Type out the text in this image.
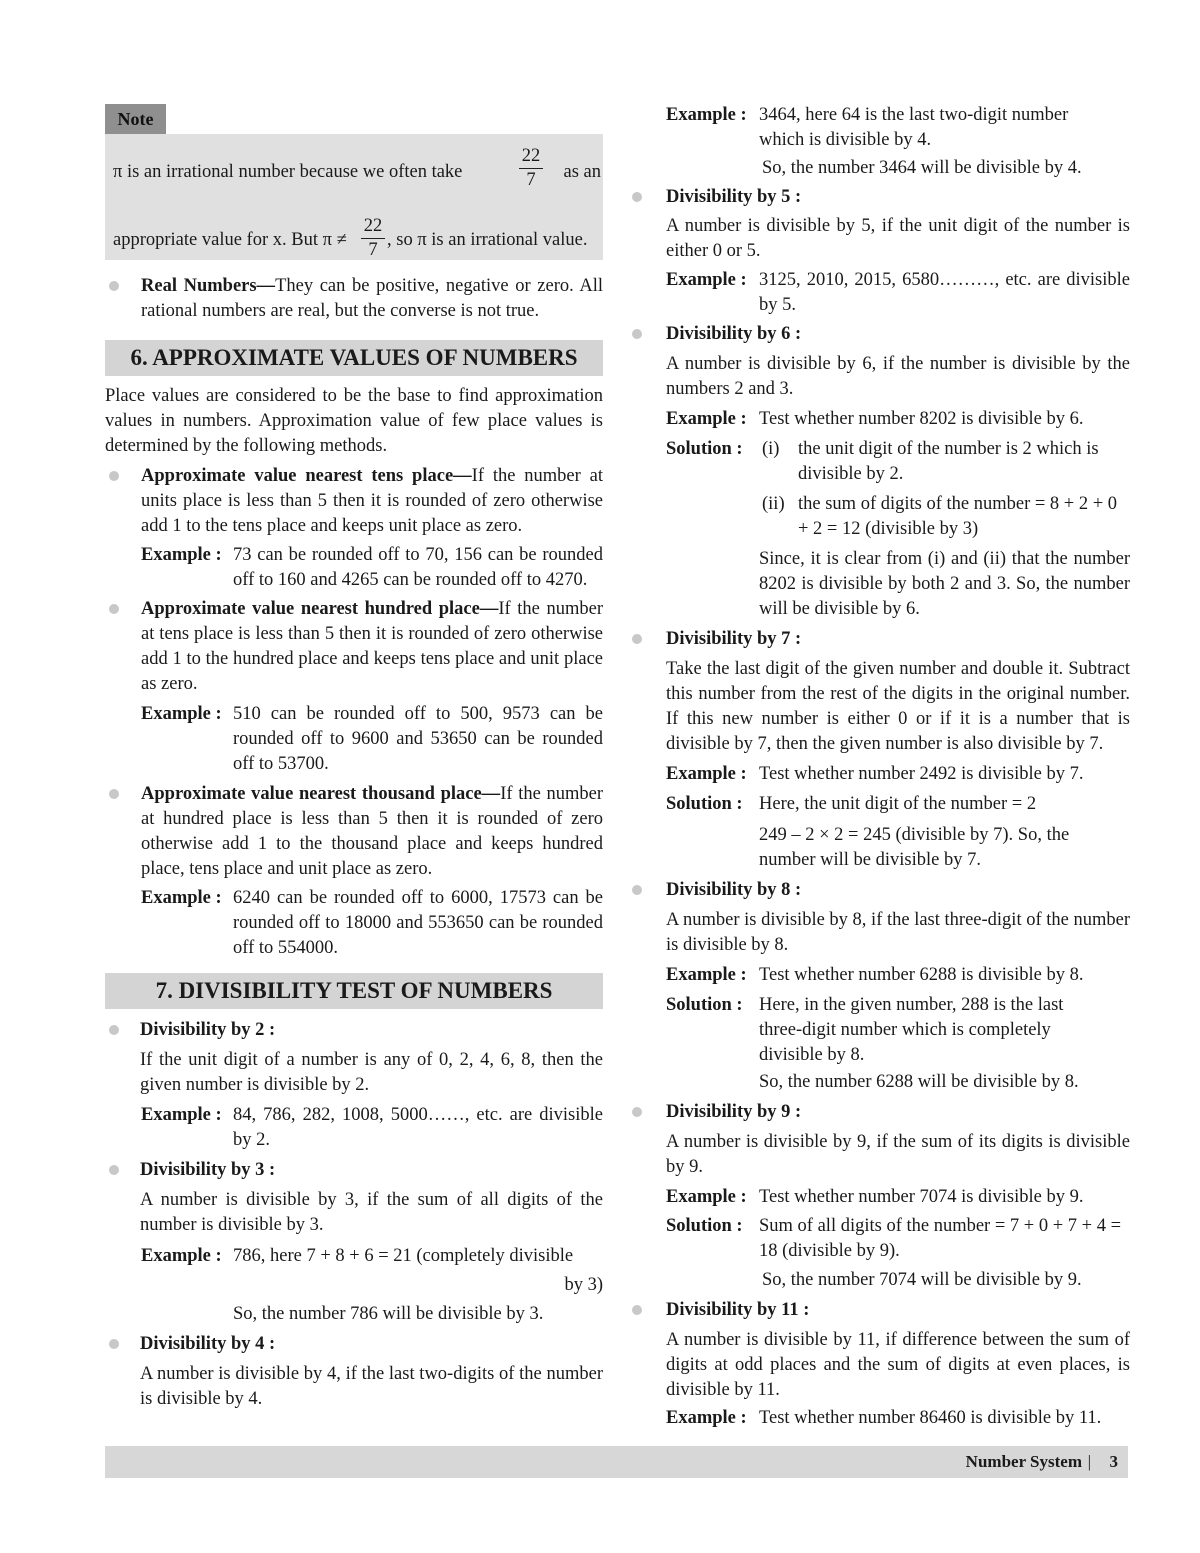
Note
π is an irrational number because we often take
22
7	as an
appropriate value for x. But π ≠
22
7 , so π is an irrational value.
Real Numbers—They can be positive, negative or zero. All rational numbers are real, but the converse is not true.
6. APPROXIMATE VALUES OF NUMBERS
Place values are considered to be the base to find approximation values in numbers. Approximation value of few place values is determined by the following methods.
Approximate value nearest tens place—If the number at units place is less than 5 then it is rounded of zero otherwise add 1 to the tens place and keeps unit place as zero.
Example : 73 can be rounded off to 70, 156 can be rounded off to 160 and 4265 can be rounded off to 4270.
Approximate value nearest hundred place—If the number at tens place is less than 5 then it is rounded of zero otherwise add 1 to the hundred place and keeps tens place and unit place as zero.
Example : 510 can be rounded off to 500, 9573 can be rounded off to 9600 and 53650 can be rounded off to 53700.
Approximate value nearest thousand place—If the number at hundred place is less than 5 then it is rounded of zero otherwise add 1 to the thousand place and keeps hundred place, tens place and unit place as zero.
Example : 6240 can be rounded off to 6000, 17573 can be rounded off to 18000 and 553650 can be rounded off to 554000.
7. DIVISIBILITY TEST OF NUMBERS
Divisibility by 2 :
If the unit digit of a number is any of 0, 2, 4, 6, 8, then the given number is divisible by 2.
Example : 84, 786, 282, 1008, 5000……, etc. are divisible by 2.
Divisibility by 3 :
A number is divisible by 3, if the sum of all digits of the number is divisible by 3.
Example : 786, here 7 + 8 + 6 = 21 (completely divisible
by 3)
So, the number 786 will be divisible by 3.
Divisibility by 4 :
A number is divisible by 4, if the last two-digits of the number is divisible by 4.
Example : 3464, here 64 is the last two-digit number which is divisible by 4.
So, the number 3464 will be divisible by 4.
Divisibility by 5 :
A number is divisible by 5, if the unit digit of the number is either 0 or 5.
Example : 3125, 2010, 2015, 6580………, etc. are divisible by 5.
Divisibility by 6 :
A number is divisible by 6, if the number is divisible by the numbers 2 and 3.
Example : Test whether number 8202 is divisible by 6.
Solution : (i) the unit digit of the number is 2 which is divisible by 2.
(ii) the sum of digits of the number = 8 + 2 + 0 + 2 = 12 (divisible by 3)
Since, it is clear from (i) and (ii) that the number 8202 is divisible by both 2 and 3. So, the number will be divisible by 6.
Divisibility by 7 :
Take the last digit of the given number and double it. Subtract this number from the rest of the digits in the original number. If this new number is either 0 or if it is a number that is divisible by 7, then the given number is also divisible by 7.
Example : Test whether number 2492 is divisible by 7.
Solution : Here, the unit digit of the number = 2
249 – 2 × 2 = 245 (divisible by 7). So, the number will be divisible by 7.
Divisibility by 8 :
A number is divisible by 8, if the last three-digit of the number is divisible by 8.
Example : Test whether number 6288 is divisible by 8.
Solution : Here, in the given number, 288 is the last three-digit number which is completely divisible by 8.
So, the number 6288 will be divisible by 8.
Divisibility by 9 :
A number is divisible by 9, if the sum of its digits is divisible by 9.
Example : Test whether number 7074 is divisible by 9.
Solution : Sum of all digits of the number = 7 + 0 + 7 + 4 = 18 (divisible by 9).
So, the number 7074 will be divisible by 9.
Divisibility by 11 :
A number is divisible by 11, if difference between the sum of digits at odd places and the sum of digits at even places, is divisible by 11.
Example : Test whether number 86460 is divisible by 11.
Number System | 3
